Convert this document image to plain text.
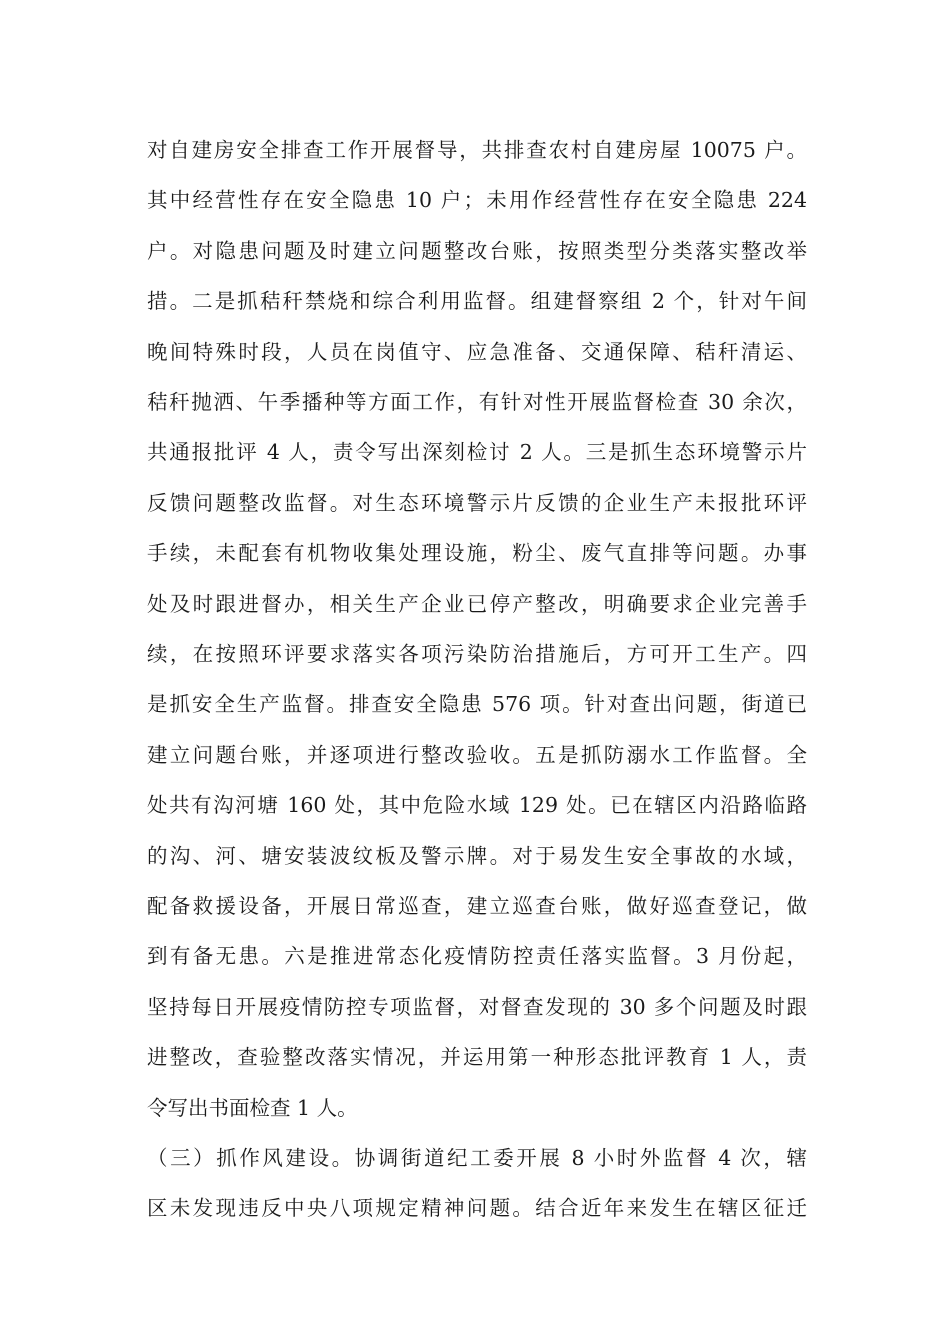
对自建房安全排查工作开展督导，共排查农村自建房屋 10075 户。
其中经营性存在安全隐患 10 户；未用作经营性存在安全隐患 224
户。对隐患问题及时建立问题整改台账，按照类型分类落实整改举
措。二是抓秸秆禁烧和综合利用监督。组建督察组 2 个，针对午间
晚间特殊时段，人员在岗值守、应急准备、交通保障、秸秆清运、
秸秆抛洒、午季播种等方面工作，有针对性开展监督检查 30 余次，
共通报批评 4 人，责令写出深刻检讨 2 人。三是抓生态环境警示片
反馈问题整改监督。对生态环境警示片反馈的企业生产未报批环评
手续，未配套有机物收集处理设施，粉尘、废气直排等问题。办事
处及时跟进督办，相关生产企业已停产整改，明确要求企业完善手
续，在按照环评要求落实各项污染防治措施后，方可开工生产。四
是抓安全生产监督。排查安全隐患 576 项。针对查出问题，街道已
建立问题台账，并逐项进行整改验收。五是抓防溺水工作监督。全
处共有沟河塘 160 处，其中危险水域 129 处。已在辖区内沿路临路
的沟、河、塘安装波纹板及警示牌。对于易发生安全事故的水域，
配备救援设备，开展日常巡查，建立巡查台账，做好巡查登记，做
到有备无患。六是推进常态化疫情防控责任落实监督。3 月份起，
坚持每日开展疫情防控专项监督，对督查发现的 30 多个问题及时跟
进整改，查验整改落实情况，并运用第一种形态批评教育 1 人，责
令写出书面检查 1 人。
（三）抓作风建设。协调街道纪工委开展 8 小时外监督 4 次，辖
区未发现违反中央八项规定精神问题。结合近年来发生在辖区征迁
